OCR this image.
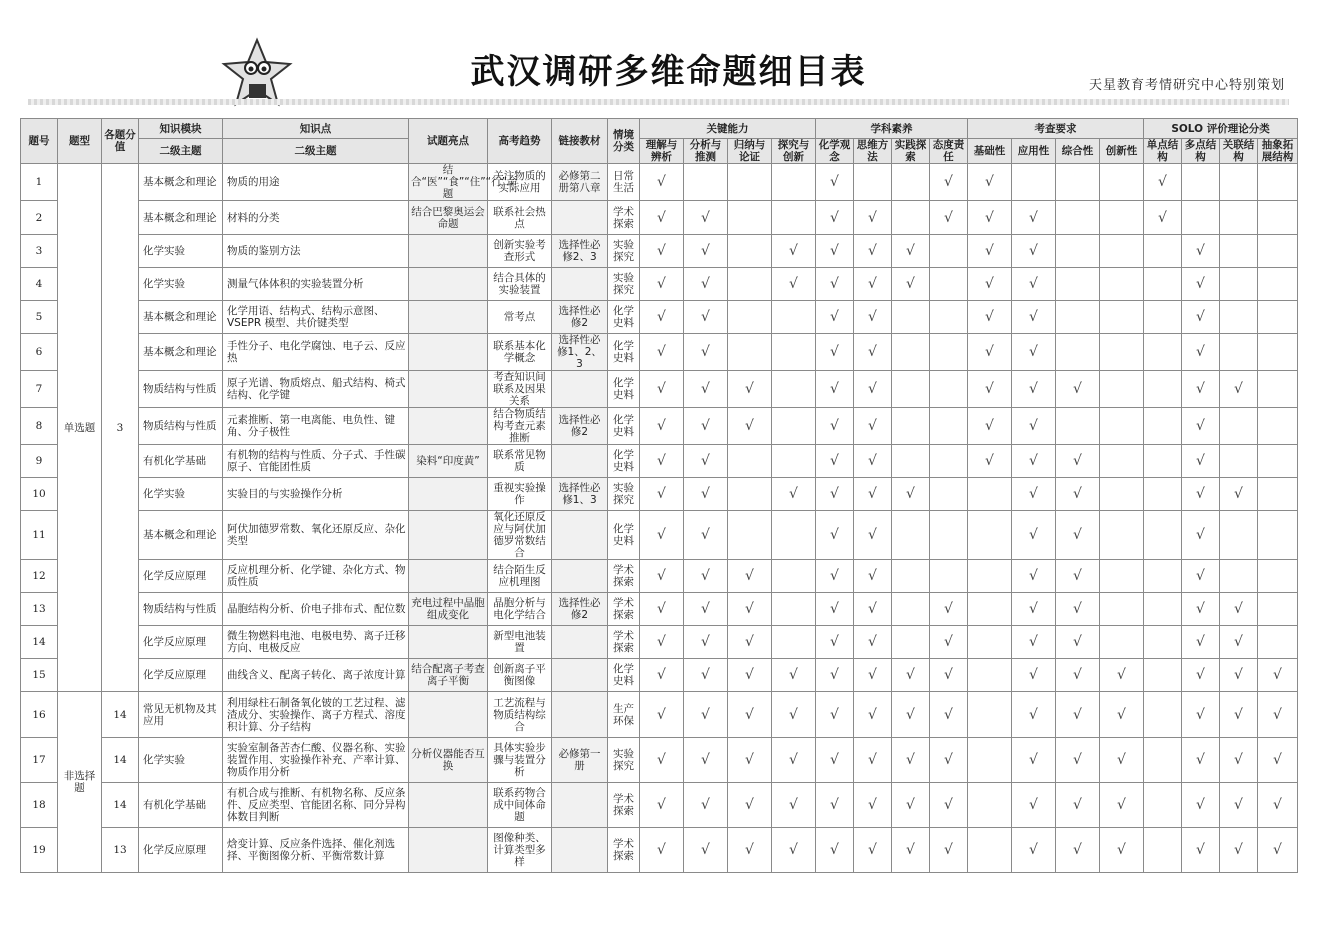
武汉调研多维命题细目表	天星教育考情研究中心特别策划
题号	题型	各题分值	知识模块	知识点	试题亮点	高考趋势	链接教材	情境分类	关键能力				学科素养				考查要求				SOLO 评价理论分类			
			二级主题	二级主题					理解与辨析	分析与推测	归纳与论证	探究与创新	化学观念	思维方法	实践探索	态度责任	基础性	应用性	综合性	创新性	单点结构	多点结构	关联结构	抽象拓展结构
1	单选题	3	基本概念和理论	物质的用途	结合“医”“食”“住”“行”命题	关注物质的实际应用	必修第二册第八章	日常生活	√				√			√	√				√			
2			基本概念和理论	材料的分类	结合巴黎奥运会命题	联系社会热点		学术探索	√	√			√	√		√	√	√			√			
3			化学实验	物质的鉴别方法		创新实验考查形式	选择性必修2、3	实验探究	√	√		√	√	√	√		√	√				√		
4			化学实验	测量气体体积的实验装置分析		结合具体的实验装置		实验探究	√	√		√	√	√	√		√	√				√		
5			基本概念和理论	化学用语、结构式、结构示意图、VSEPR 模型、共价键类型		常考点	选择性必修2	化学史料	√	√			√	√			√	√				√		
6			基本概念和理论	手性分子、电化学腐蚀、电子云、反应热		联系基本化学概念	选择性必修1、2、3	化学史料	√	√			√	√			√	√				√		
7			物质结构与性质	原子光谱、物质熔点、船式结构、椅式结构、化学键		考查知识间联系及因果关系		化学史料	√	√	√		√	√			√	√	√			√	√	
8			物质结构与性质	元素推断、第一电离能、电负性、键角、分子极性		结合物质结构考查元素推断	选择性必修2	化学史料	√	√	√		√	√			√	√				√		
9			有机化学基础	有机物的结构与性质、分子式、手性碳原子、官能团性质	染料“印度黄”	联系常见物质		化学史料	√	√			√	√			√	√	√			√		
10			化学实验	实验目的与实验操作分析		重视实验操作	选择性必修1、3	实验探究	√	√		√	√	√	√			√	√			√	√	
11			基本概念和理论	阿伏加德罗常数、氧化还原反应、杂化类型		氧化还原反应与阿伏加德罗常数结合		化学史料	√	√			√	√				√	√			√		
12			化学反应原理	反应机理分析、化学键、杂化方式、物质性质		结合陌生反应机理图		学术探索	√	√	√		√	√				√	√			√		
13			物质结构与性质	晶胞结构分析、价电子排布式、配位数	充电过程中晶胞组成变化	晶胞分析与电化学结合	选择性必修2	学术探索	√	√	√		√	√		√		√	√			√	√	
14			化学反应原理	微生物燃料电池、电极电势、离子迁移方向、电极反应		新型电池装置		学术探索	√	√	√		√	√		√		√	√			√	√	
15			化学反应原理	曲线含义、配离子转化、离子浓度计算	结合配离子考查离子平衡	创新离子平衡图像		化学史料	√	√	√	√	√	√	√	√		√	√	√		√	√	√
16	非选择题	14	常见无机物及其应用	利用绿柱石制备氧化铍的工艺过程、滤渣成分、实验操作、离子方程式、溶度积计算、分子结构		工艺流程与物质结构综合		生产环保	√	√	√	√	√	√	√	√		√	√	√		√	√	√
17		14	化学实验	实验室制备苦杏仁酸、仪器名称、实验装置作用、实验操作补充、产率计算、物质作用分析	分析仪器能否互换	具体实验步骤与装置分析	必修第一册	实验探究	√	√	√	√	√	√	√	√		√	√	√		√	√	√
18		14	有机化学基础	有机合成与推断、有机物名称、反应条件、反应类型、官能团名称、同分异构体数目判断		联系药物合成中间体命题		学术探索	√	√	√	√	√	√	√	√		√	√	√		√	√	√
19		13	化学反应原理	焓变计算、反应条件选择、催化剂选择、平衡图像分析、平衡常数计算		图像种类、计算类型多样		学术探索	√	√	√	√	√	√	√	√		√	√	√		√	√	√
